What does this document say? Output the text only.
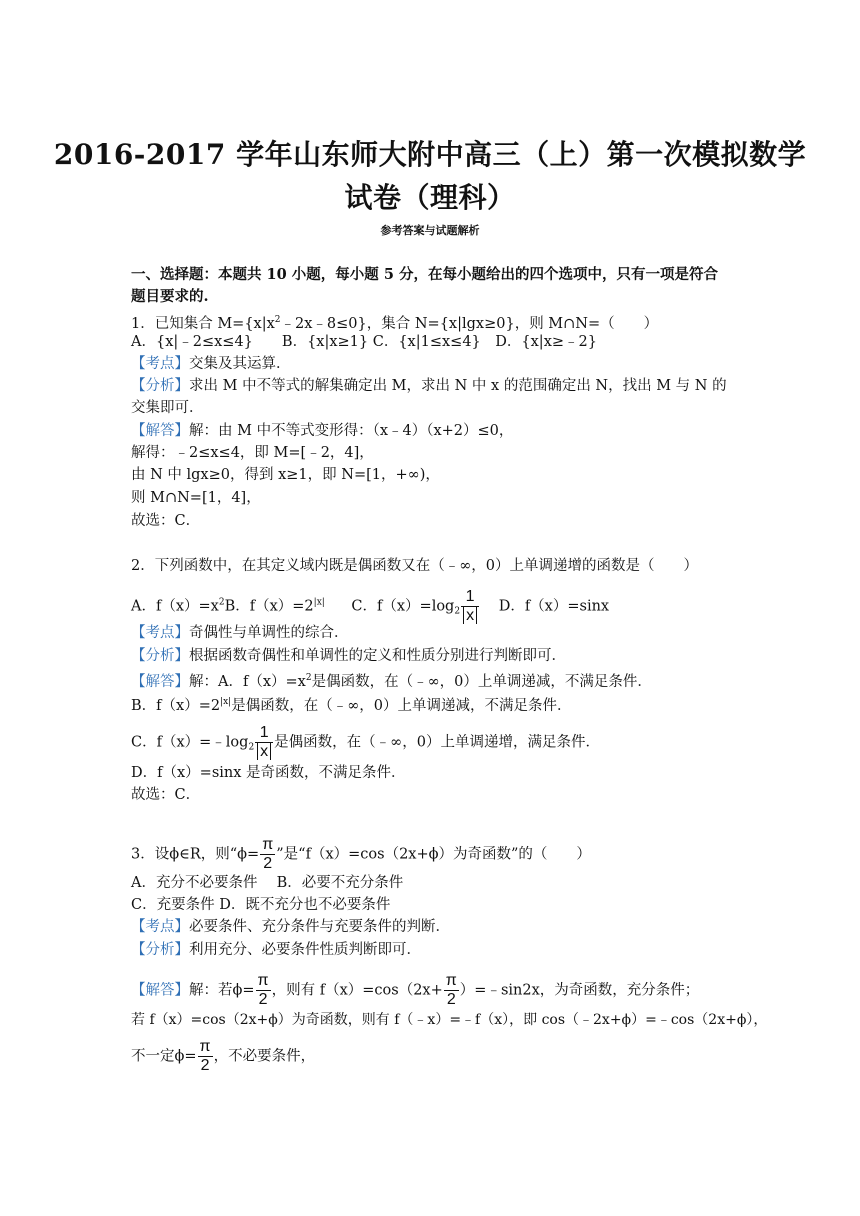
2016-2017 学年山东师大附中高三（上）第一次模拟数学
试卷（理科）
参考答案与试题解析
一、选择题：本题共 10 小题，每小题 5 分，在每小题给出的四个选项中，只有一项是符合
题目要求的.
1．已知集合 $M=\{x|x^2﹣2x﹣8\le 0\}$，集合 N={x|lgx≥0}，则 M∩N=（　　）
A．{x|﹣2≤x≤4}　　B．{x|x≥1} C．{x|1≤x≤4}　D．{x|x≥﹣2}
【考点】交集及其运算．
【分析】求出 M 中不等式的解集确定出 M，求出 N 中 x 的范围确定出 N，找出 M 与 N 的
交集即可．
【解答】解：由 M 中不等式变形得：（x﹣4）（x+2）≤0，
解得：﹣2≤x≤4，即 M=[﹣2，4]，
由 N 中 lgx≥0，得到 x≥1，即 N=[1，+∞)，
则 M∩N=[1，4]，
故选：C．
2．下列函数中，在其定义域内既是偶函数又在（﹣∞，0）上单调递增的函数是（　　）
A．$f(x)=x^2B$．$f(x)=2^{|x|}$ C．$f(x)=\log_2 \frac{1}{x}$ D．f（x）=sinx
【考点】奇偶性与单调性的综合．
【分析】根据函数奇偶性和单调性的定义和性质分别进行判断即可．
【解答】解：A．$f(x)=x^2$是偶函数，在（﹣∞，0）上单调递减，不满足条件．
B．$f(x)=2^{|x|}$是偶函数，在（﹣∞，0）上单调递减，不满足条件．
C．$f(x)=﹣\log_2 \frac{1}{x}$ 是偶函数，在（﹣∞，0）上单调递增，满足条件．
D．f（x）=sinx 是奇函数，不满足条件．
故选：C．
3．设ϕ∈R，则“$\phi= \frac{\pi}{2}$ ”是“f（x）=cos（2x+ϕ）为奇函数”的（　　）
A．充分不必要条件　 B．必要不充分条件
C．充要条件 D．既不充分也不必要条件
【考点】必要条件、充分条件与充要条件的判断．
【分析】利用充分、必要条件性质判断即可．
【解答】解：若$\phi= \frac{\pi}{2}$ ，则有 $f(x)=\cos(2x+ \frac{\pi}{2}$ ）=﹣sin2x，为奇函数，充分条件；
若 f（x）=cos（2x+ϕ）为奇函数，则有 f（﹣x）=﹣f（x），即 cos（﹣2x+ϕ）=﹣cos（2x+ϕ），
不一定$\phi= \frac{\pi}{2}$ ，不必要条件，
